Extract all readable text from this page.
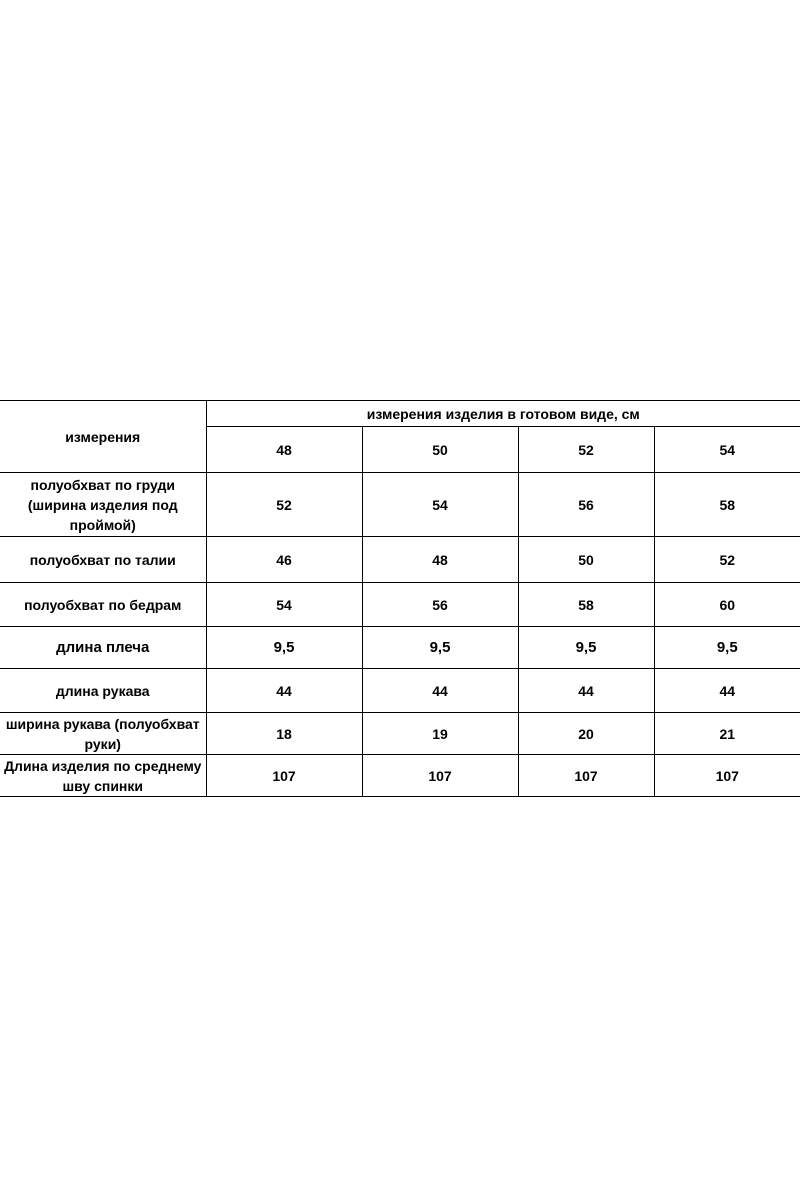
измерения	измерения изделия в готовом виде, см			
	48	50	52	54
полуобхват по груди (ширина изделия под проймой)	52	54	56	58
полуобхват по талии	46	48	50	52
полуобхват по бедрам	54	56	58	60
длина плеча	9,5	9,5	9,5	9,5
длина рукава	44	44	44	44
ширина рукава (полуобхват руки)	18	19	20	21
Длина изделия по среднему шву спинки	107	107	107	107
